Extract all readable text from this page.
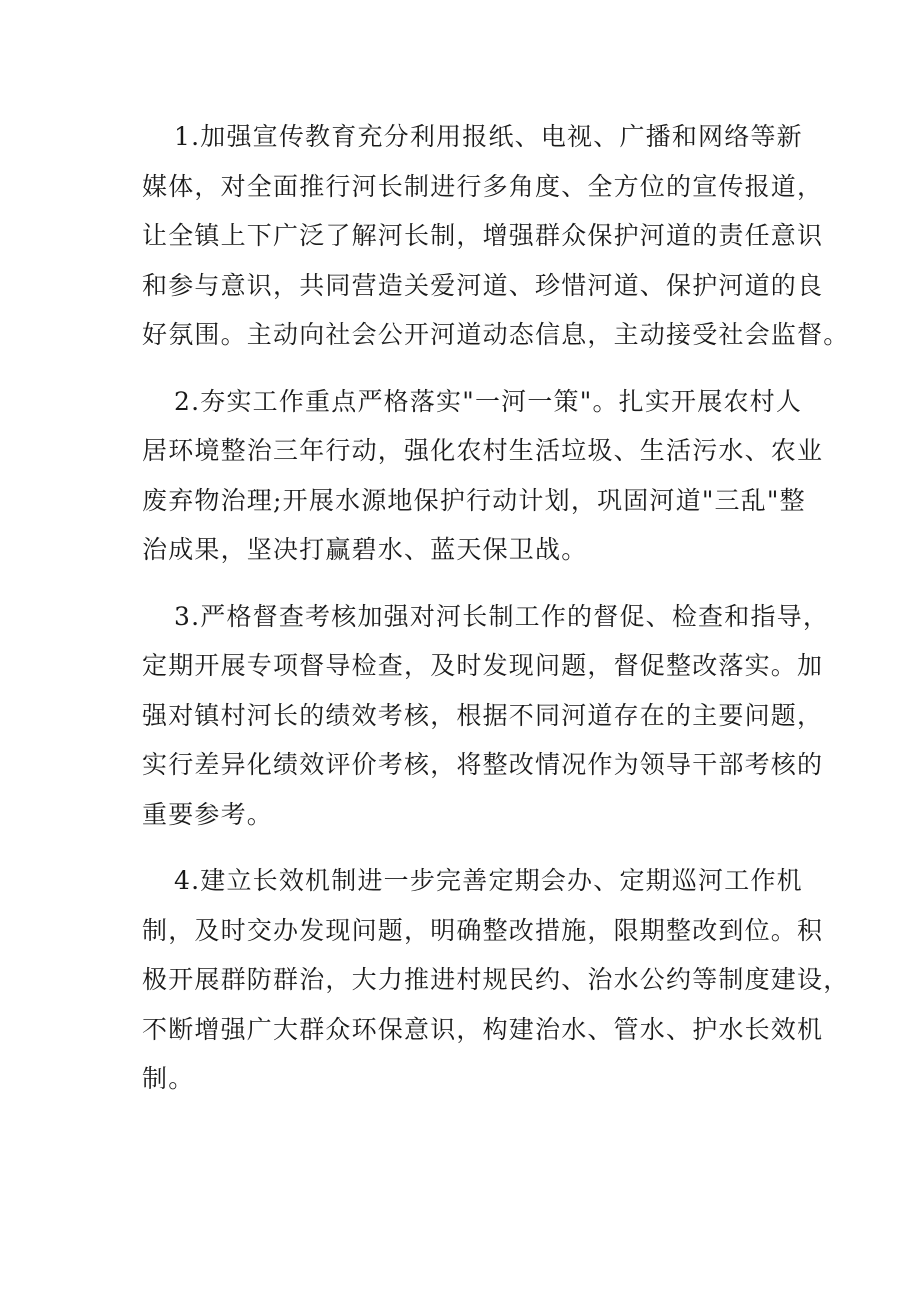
1.加强宣传教育充分利用报纸、电视、广播和网络等新
媒体，对全面推行河长制进行多角度、全方位的宣传报道，
让全镇上下广泛了解河长制，增强群众保护河道的责任意识
和参与意识，共同营造关爱河道、珍惜河道、保护河道的良
好氛围。主动向社会公开河道动态信息，主动接受社会监督。
2.夯实工作重点严格落实"一河一策"。扎实开展农村人
居环境整治三年行动，强化农村生活垃圾、生活污水、农业
废弃物治理;开展水源地保护行动计划，巩固河道"三乱"整
治成果，坚决打赢碧水、蓝天保卫战。
3.严格督查考核加强对河长制工作的督促、检查和指导，
定期开展专项督导检查，及时发现问题，督促整改落实。加
强对镇村河长的绩效考核，根据不同河道存在的主要问题，
实行差异化绩效评价考核，将整改情况作为领导干部考核的
重要参考。
4.建立长效机制进一步完善定期会办、定期巡河工作机
制，及时交办发现问题，明确整改措施，限期整改到位。积
极开展群防群治，大力推进村规民约、治水公约等制度建设，
不断增强广大群众环保意识，构建治水、管水、护水长效机
制。
